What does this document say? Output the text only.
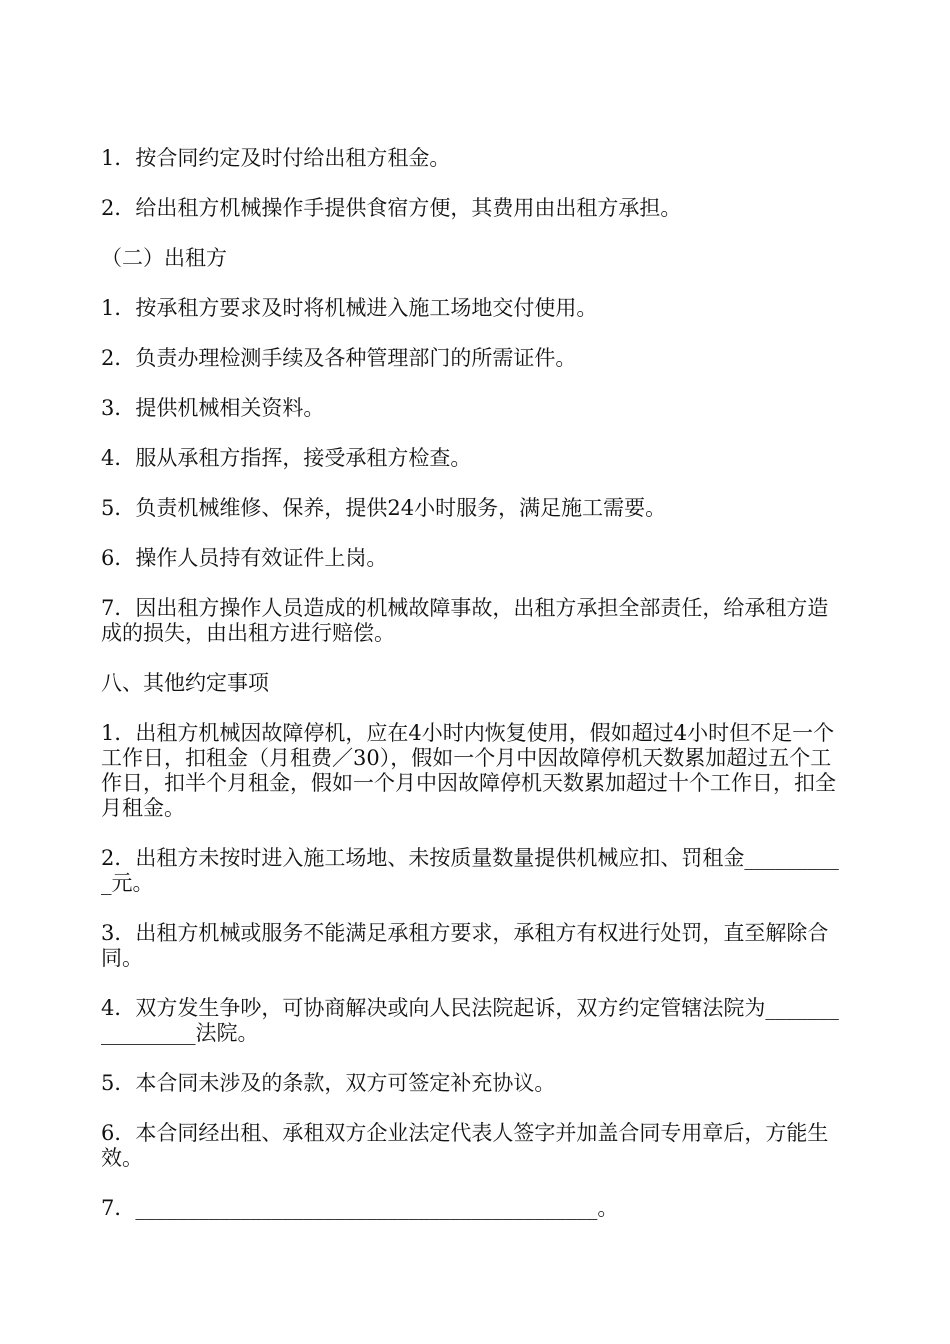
1．按合同约定及时付给出租方租金。

2．给出租方机械操作手提供食宿方便，其费用由出租方承担。

（二）出租方

1．按承租方要求及时将机械进入施工场地交付使用。

2．负责办理检测手续及各种管理部门的所需证件。

3．提供机械相关资料。

4．服从承租方指挥，接受承租方检查。

5．负责机械维修、保养，提供24小时服务，满足施工需要。

6．操作人员持有效证件上岗。

7．因出租方操作人员造成的机械故障事故，出租方承担全部责任，给承租方造成的损失，由出租方进行赔偿。

八、其他约定事项

1．出租方机械因故障停机，应在4小时内恢复使用，假如超过4小时但不足一个工作日，扣租金（月租费／30），假如一个月中因故障停机天数累加超过五个工作日，扣半个月租金，假如一个月中因故障停机天数累加超过十个工作日，扣全月租金。

2．出租方未按时进入施工场地、未按质量数量提供机械应扣、罚租金__________元。

3．出租方机械或服务不能满足承租方要求，承租方有权进行处罚，直至解除合同。

4．双方发生争吵，可协商解决或向人民法院起诉，双方约定管辖法院为________________法院。

5．本合同未涉及的条款，双方可签定补充协议。

6．本合同经出租、承租双方企业法定代表人签字并加盖合同专用章后，方能生效。

7．____________________________________________。
